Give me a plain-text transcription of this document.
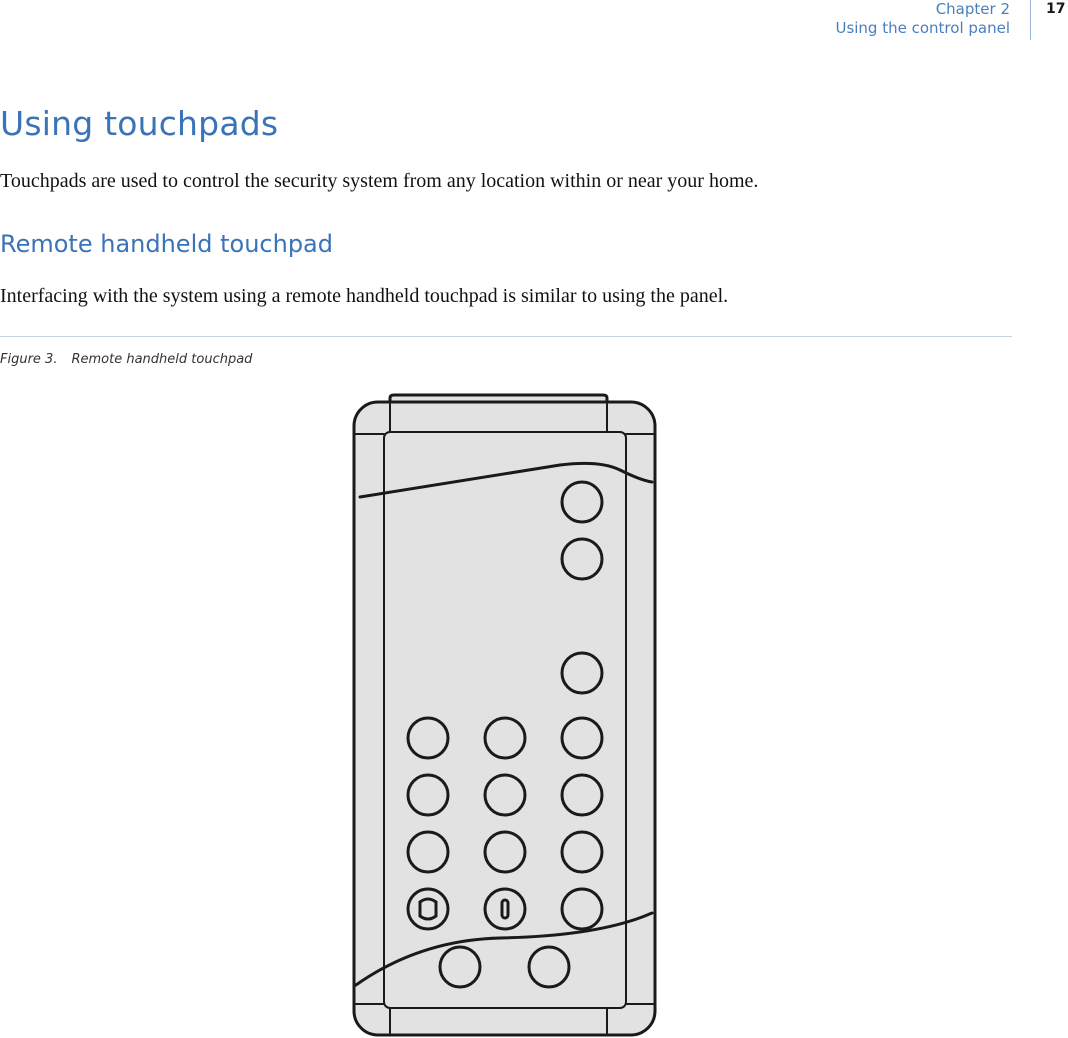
Chapter 2
Using the control panel
17
Using touchpads

Touchpads are used to control the security system from any location within or near your home.

Remote handheld touchpad

Interfacing with the system using a remote handheld touchpad is similar to using the panel.

Figure 3. Remote handheld touchpad
